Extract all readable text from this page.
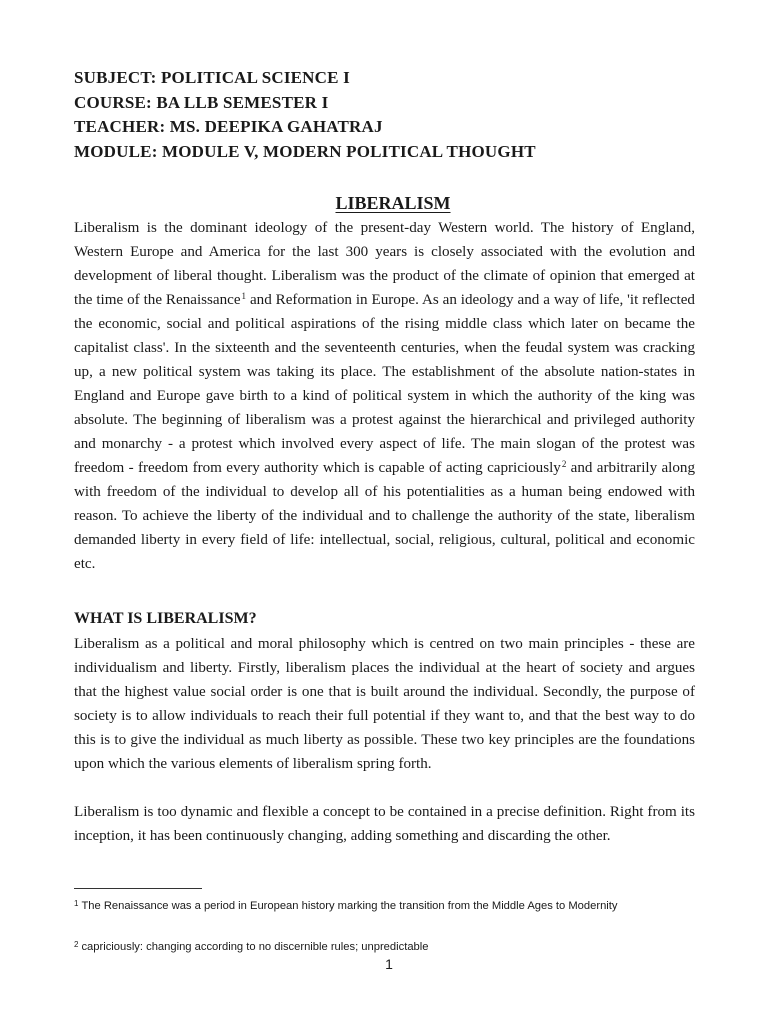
SUBJECT: POLITICAL SCIENCE I
COURSE: BA LLB SEMESTER I
TEACHER: MS. DEEPIKA GAHATRAJ
MODULE: MODULE V, MODERN POLITICAL THOUGHT
LIBERALISM

Liberalism is the dominant ideology of the present-day Western world. The history of England, Western Europe and America for the last 300 years is closely associated with the evolution and development of liberal thought. Liberalism was the product of the climate of opinion that emerged at the time of the Renaissance$^1$ and Reformation in Europe. As an ideology and a way of life, 'it reflected the economic, social and political aspirations of the rising middle class which later on became the capitalist class'. In the sixteenth and the seventeenth centuries, when the feudal system was cracking up, a new political system was taking its place. The establishment of the absolute nation-states in England and Europe gave birth to a kind of political system in which the authority of the king was absolute. The beginning of liberalism was a protest against the hierarchical and privileged authority and monarchy - a protest which involved every aspect of life. The main slogan of the protest was freedom - freedom from every authority which is capable of acting capriciously$^2$ and arbitrarily along with freedom of the individual to develop all of his potentialities as a human being endowed with reason. To achieve the liberty of the individual and to challenge the authority of the state, liberalism demanded liberty in every field of life: intellectual, social, religious, cultural, political and economic etc.

WHAT IS LIBERALISM?

Liberalism as a political and moral philosophy which is centred on two main principles - these are individualism and liberty. Firstly, liberalism places the individual at the heart of society and argues that the highest value social order is one that is built around the individual. Secondly, the purpose of society is to allow individuals to reach their full potential if they want to, and that the best way to do this is to give the individual as much liberty as possible. These two key principles are the foundations upon which the various elements of liberalism spring forth.

Liberalism is too dynamic and flexible a concept to be contained in a precise definition. Right from its inception, it has been continuously changing, adding something and discarding the other.

$^1$ The Renaissance was a period in European history marking the transition from the Middle Ages to Modernity

$^2$ capriciously: changing according to no discernible rules; unpredictable

1
